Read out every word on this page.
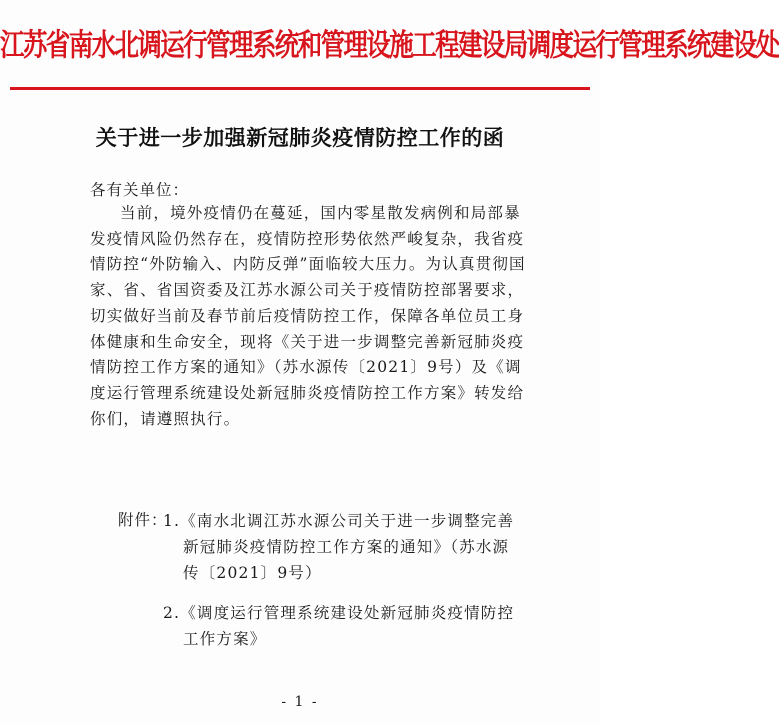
江苏省南水北调运行管理系统和管理设施工程建设局调度运行管理系统建设处
关于进一步加强新冠肺炎疫情防控工作的函
各有关单位：
当前，境外疫情仍在蔓延，国内零星散发病例和局部暴
发疫情风险仍然存在，疫情防控形势依然严峻复杂，我省疫
情防控“外防输入、内防反弹”面临较大压力。为认真贯彻国
家、省、省国资委及江苏水源公司关于疫情防控部署要求，
切实做好当前及春节前后疫情防控工作，保障各单位员工身
体健康和生命安全，现将《关于进一步调整完善新冠肺炎疫
情防控工作方案的通知》（苏水源传〔2021〕9号）及《调
度运行管理系统建设处新冠肺炎疫情防控工作方案》转发给
你们，请遵照执行。
附件：
1.《南水北调江苏水源公司关于进一步调整完善
新冠肺炎疫情防控工作方案的通知》（苏水源
传〔2021〕9号）
2.《调度运行管理系统建设处新冠肺炎疫情防控
工作方案》
- 1 -
